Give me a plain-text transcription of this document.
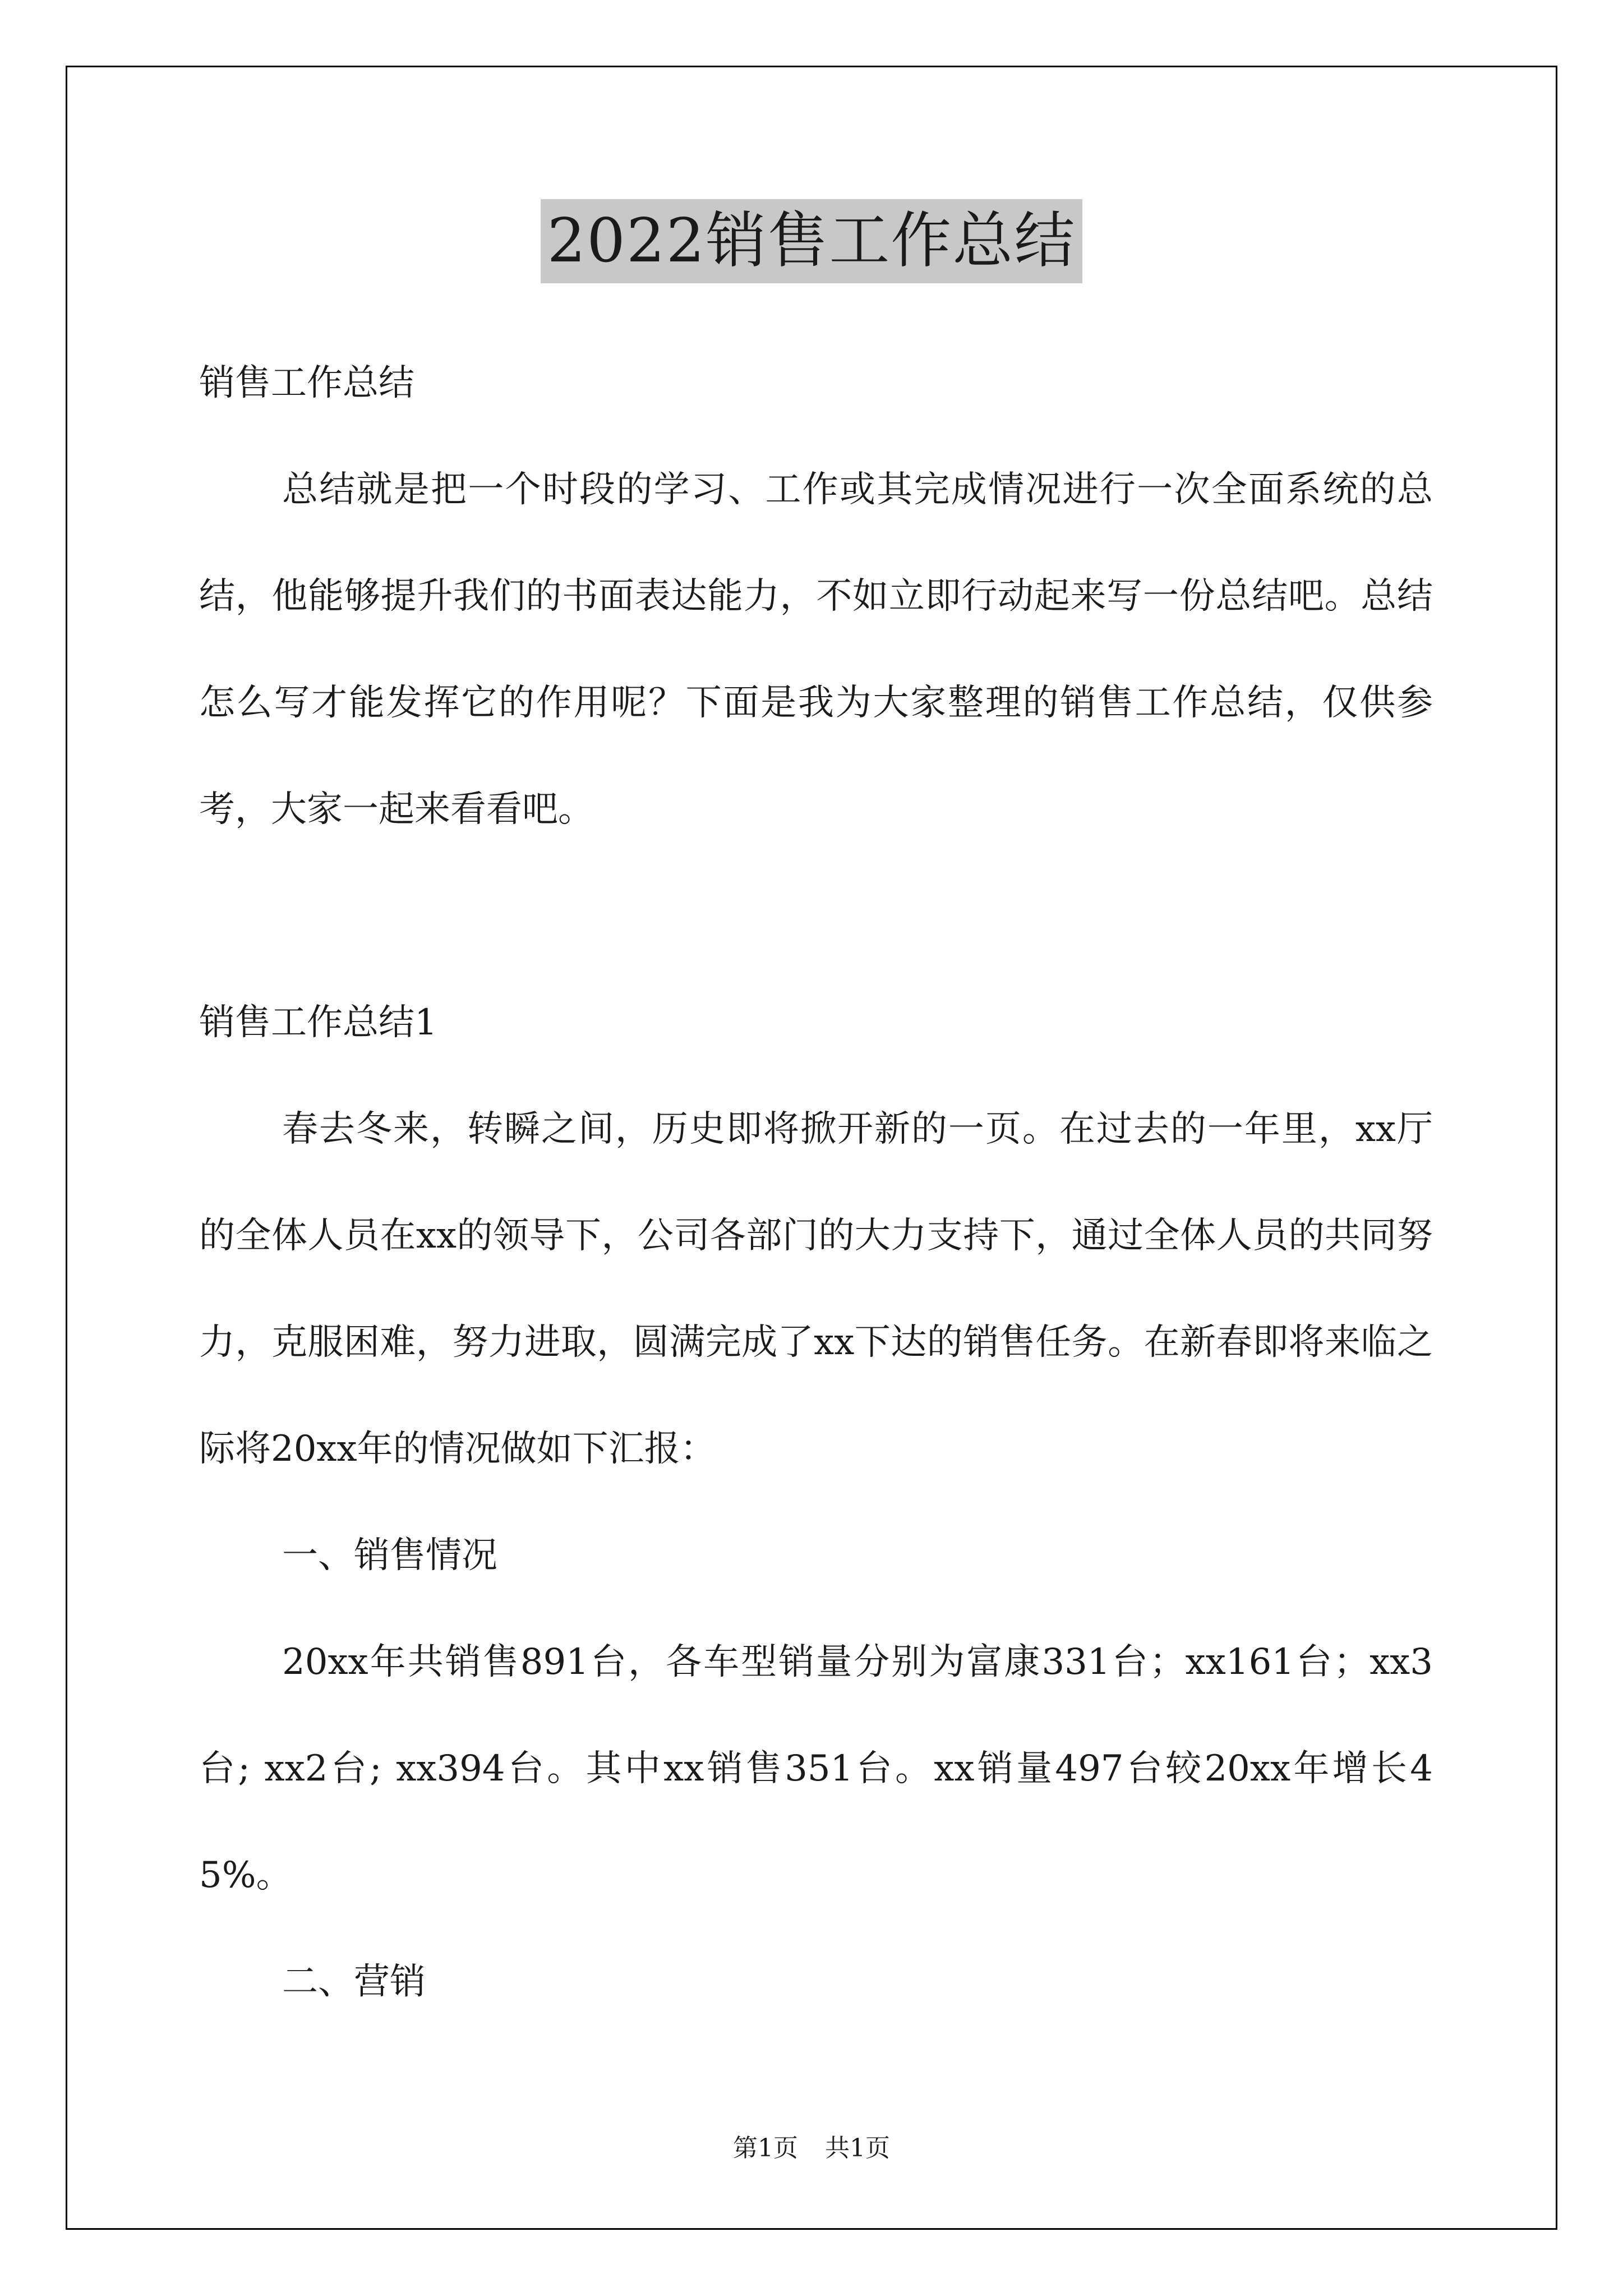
2022销售工作总结

销售工作总结

总结就是把一个时段的学习、工作或其完成情况进行一次全面系统的总结，他能够提升我们的书面表达能力，不如立即行动起来写一份总结吧。总结怎么写才能发挥它的作用呢？下面是我为大家整理的销售工作总结，仅供参考，大家一起来看看吧。

销售工作总结1

春去冬来，转瞬之间，历史即将掀开新的一页。在过去的一年里，xx厅的全体人员在xx的领导下，公司各部门的大力支持下，通过全体人员的共同努力，克服困难，努力进取，圆满完成了xx下达的销售任务。在新春即将来临之际将20xx年的情况做如下汇报：

一、销售情况

20xx年共销售891台，各车型销量分别为富康331台；xx161台；xx3台; xx2台; xx394台。其中xx销售351台。xx销量497台较20xx年增长45%。

二、营销

第1页 共1页
